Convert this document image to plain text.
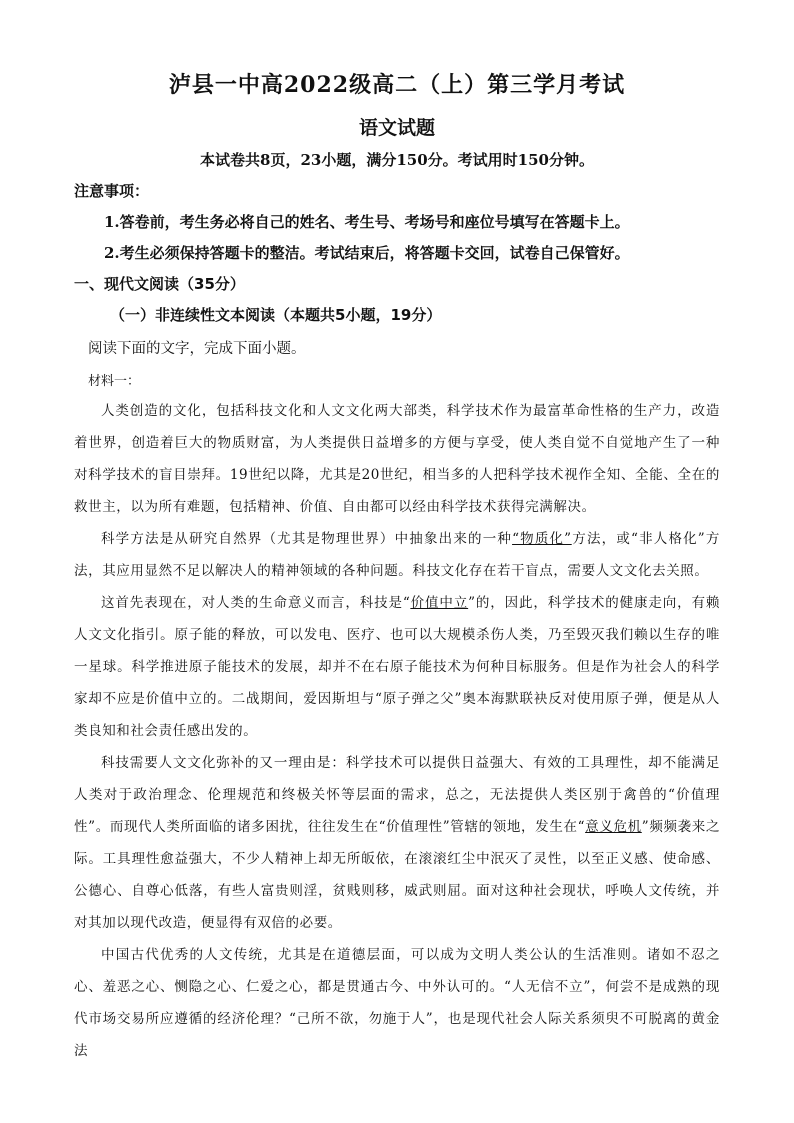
泸县一中高2022级高二（上）第三学月考试
语文试题
本试卷共8页，23小题，满分150分。考试用时150分钟。
注意事项：
1.答卷前，考生务必将自己的姓名、考生号、考场号和座位号填写在答题卡上。
2.考生必须保持答题卡的整洁。考试结束后，将答题卡交回，试卷自己保管好。
一、现代文阅读（35分）
（一）非连续性文本阅读（本题共5小题，19分）
阅读下面的文字，完成下面小题。
材料一：

人类创造的文化，包括科技文化和人文文化两大部类，科学技术作为最富革命性格的生产力，改造着世界，创造着巨大的物质财富，为人类提供日益增多的方便与享受，使人类自觉不自觉地产生了一种对科学技术的盲目崇拜。19世纪以降，尤其是20世纪，相当多的人把科学技术视作全知、全能、全在的救世主，以为所有难题，包括精神、价值、自由都可以经由科学技术获得完满解决。

科学方法是从研究自然界（尤其是物理世界）中抽象出来的一种“物质化”方法，或“非人格化”方法，其应用显然不足以解决人的精神领域的各种问题。科技文化存在若干盲点，需要人文文化去关照。

这首先表现在，对人类的生命意义而言，科技是“价值中立”的，因此，科学技术的健康走向，有赖人文文化指引。原子能的释放，可以发电、医疗、也可以大规模杀伤人类，乃至毁灭我们赖以生存的唯一星球。科学推进原子能技术的发展，却并不在右原子能技术为何种目标服务。但是作为社会人的科学家却不应是价值中立的。二战期间，爱因斯坦与“原子弹之父”奥本海默联袂反对使用原子弹，便是从人类良知和社会责任感出发的。

科技需要人文文化弥补的又一理由是：科学技术可以提供日益强大、有效的工具理性，却不能满足人类对于政治理念、伦理规范和终极关怀等层面的需求，总之，无法提供人类区别于禽兽的“价值理性”。而现代人类所面临的诸多困扰，往往发生在“价值理性”管辖的领地，发生在“意义危机”频频袭来之际。工具理性愈益强大，不少人精神上却无所皈依，在滚滚红尘中泯灭了灵性，以至正义感、使命感、公德心、自尊心低落，有些人富贵则淫，贫贱则移，威武则屈。面对这种社会现状，呼唤人文传统，并对其加以现代改造，便显得有双倍的必要。

中国古代优秀的人文传统，尤其是在道德层面，可以成为文明人类公认的生活准则。诸如不忍之心、羞恶之心、恻隐之心、仁爱之心，都是贯通古今、中外认可的。“人无信不立”，何尝不是成熟的现代市场交易所应遵循的经济伦理？“己所不欲，勿施于人”，也是现代社会人际关系须臾不可脱离的黄金法
